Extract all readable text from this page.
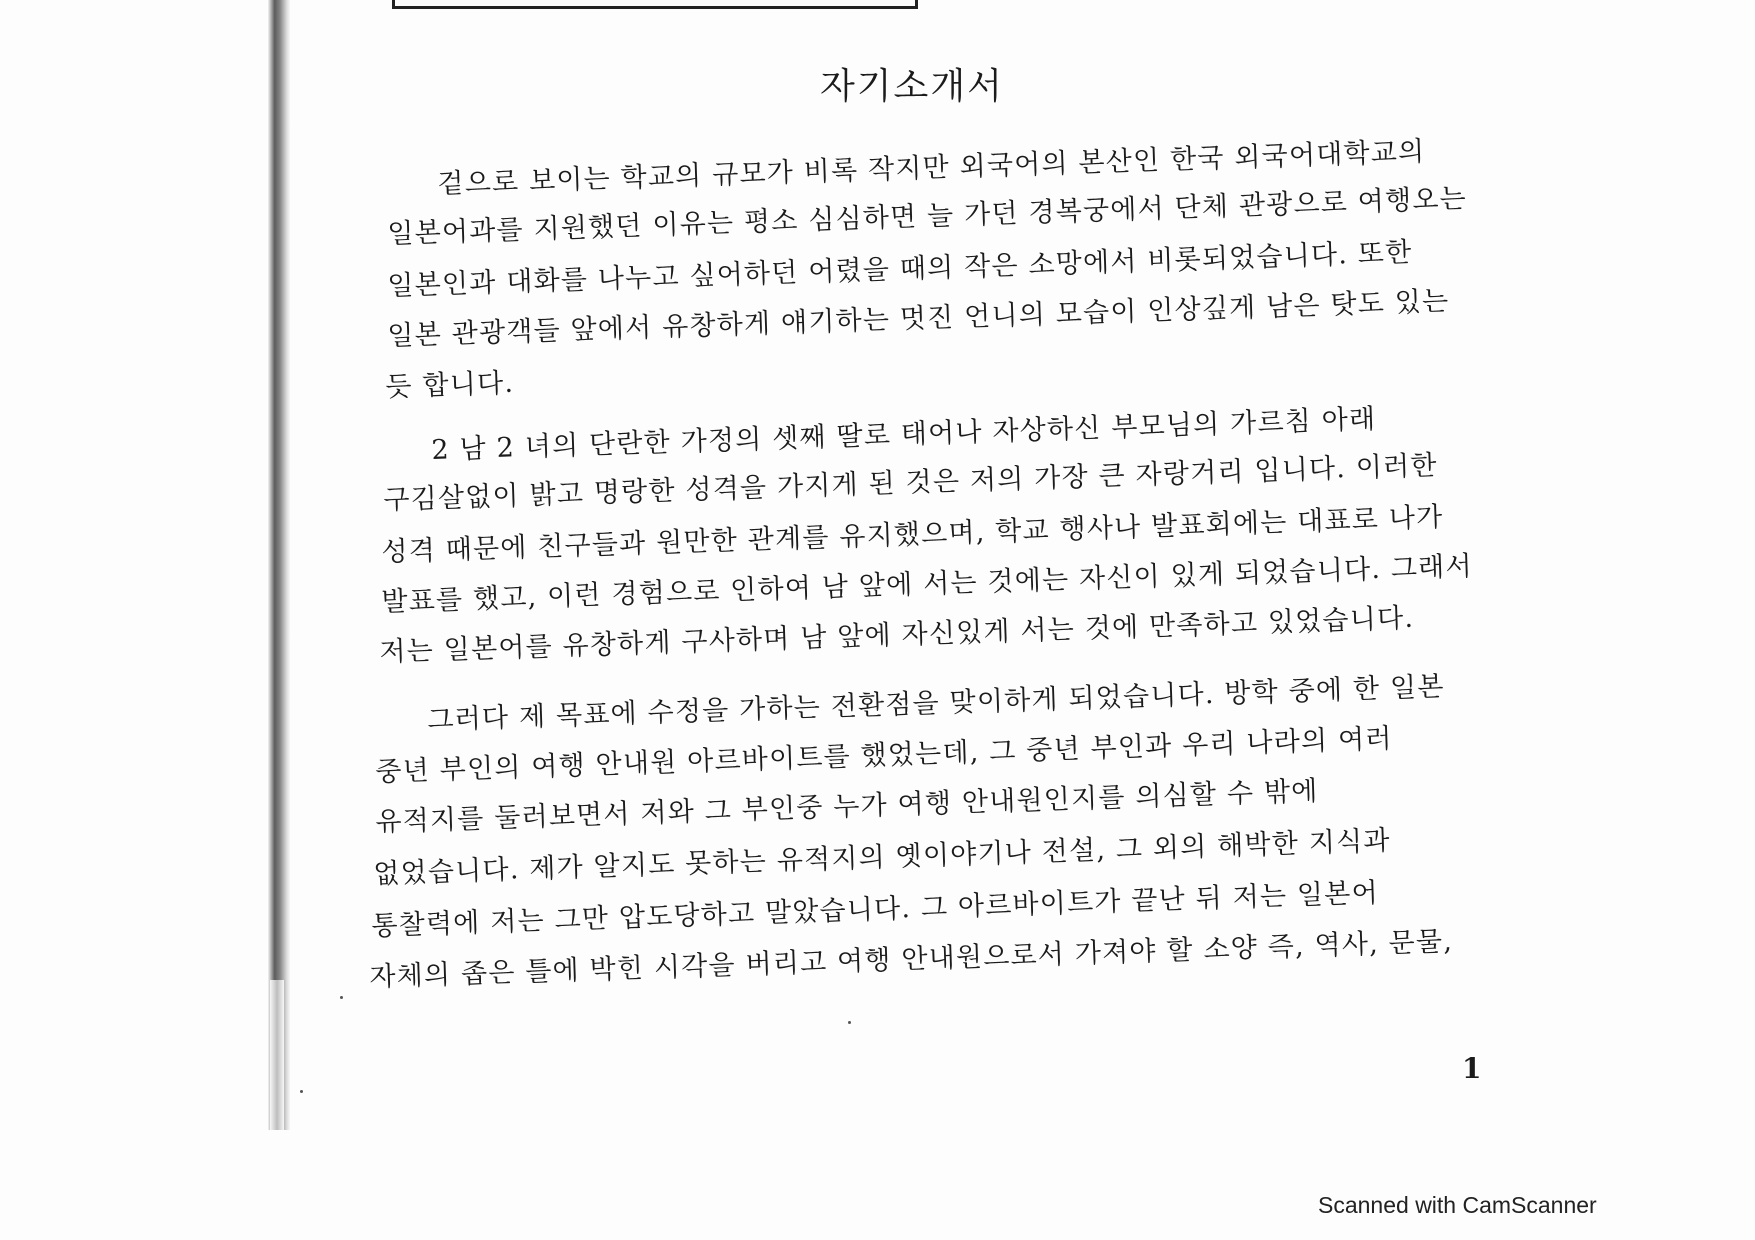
자기소개서
겉으로 보이는 학교의 규모가 비록 작지만 외국어의 본산인 한국 외국어대학교의
일본어과를 지원했던 이유는 평소 심심하면 늘 가던 경복궁에서 단체 관광으로 여행오는
일본인과 대화를 나누고 싶어하던 어렸을 때의 작은 소망에서 비롯되었습니다. 또한
일본 관광객들 앞에서 유창하게 얘기하는 멋진 언니의 모습이 인상깊게 남은 탓도 있는
듯 합니다.
2 남 2 녀의 단란한 가정의 셋째 딸로 태어나 자상하신 부모님의 가르침 아래
구김살없이 밝고 명랑한 성격을 가지게 된 것은 저의 가장 큰 자랑거리 입니다. 이러한
성격 때문에 친구들과 원만한 관계를 유지했으며, 학교 행사나 발표회에는 대표로 나가
발표를 했고, 이런 경험으로 인하여 남 앞에 서는 것에는 자신이 있게 되었습니다. 그래서
저는 일본어를 유창하게 구사하며 남 앞에 자신있게 서는 것에 만족하고 있었습니다.
그러다 제 목표에 수정을 가하는 전환점을 맞이하게 되었습니다. 방학 중에 한 일본
중년 부인의 여행 안내원 아르바이트를 했었는데, 그 중년 부인과 우리 나라의 여러
유적지를 둘러보면서 저와 그 부인중 누가 여행 안내원인지를 의심할 수 밖에
없었습니다. 제가 알지도 못하는 유적지의 옛이야기나 전설, 그 외의 해박한 지식과
통찰력에 저는 그만 압도당하고 말았습니다. 그 아르바이트가 끝난 뒤 저는 일본어
자체의 좁은 틀에 박힌 시각을 버리고 여행 안내원으로서 가져야 할 소양 즉, 역사, 문물,
1
Scanned with CamScanner
